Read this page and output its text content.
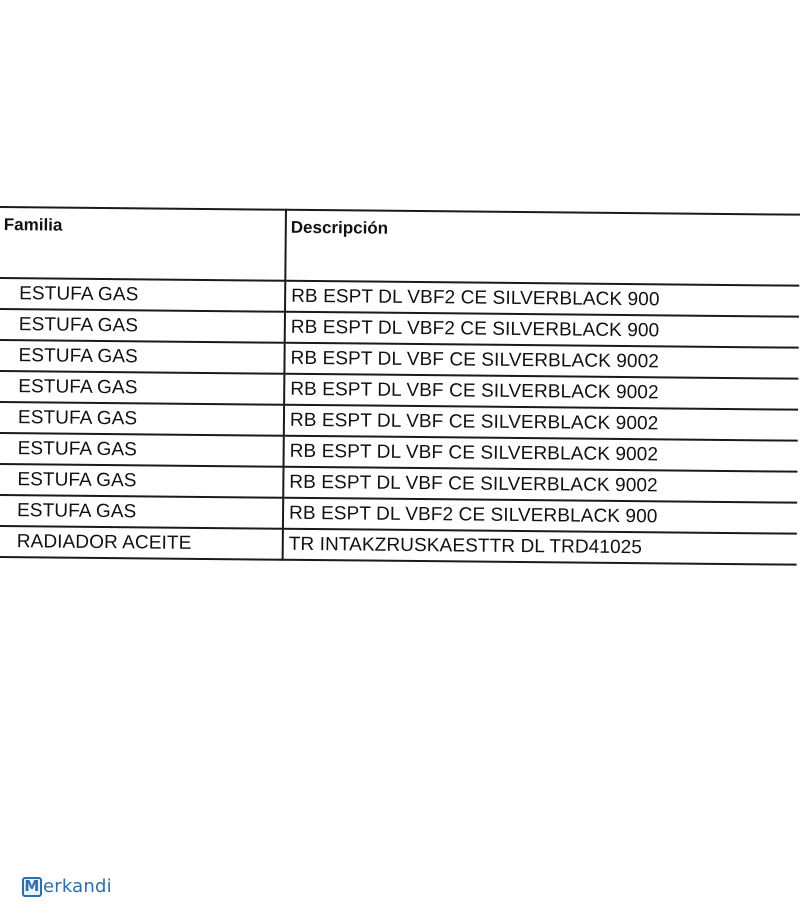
Familia	Descripción
ESTUFA GAS	RB ESPT DL VBF2 CE SILVERBLACK 900
ESTUFA GAS	RB ESPT DL VBF2 CE SILVERBLACK 900
ESTUFA GAS	RB ESPT DL VBF CE SILVERBLACK 9002
ESTUFA GAS	RB ESPT DL VBF CE SILVERBLACK 9002
ESTUFA GAS	RB ESPT DL VBF CE SILVERBLACK 9002
ESTUFA GAS	RB ESPT DL VBF CE SILVERBLACK 9002
ESTUFA GAS	RB ESPT DL VBF CE SILVERBLACK 9002
ESTUFA GAS	RB ESPT DL VBF2 CE SILVERBLACK 900
RADIADOR ACEITE	TR INTAKZRUSKAESTTR DL TRD41025
M erkandi
